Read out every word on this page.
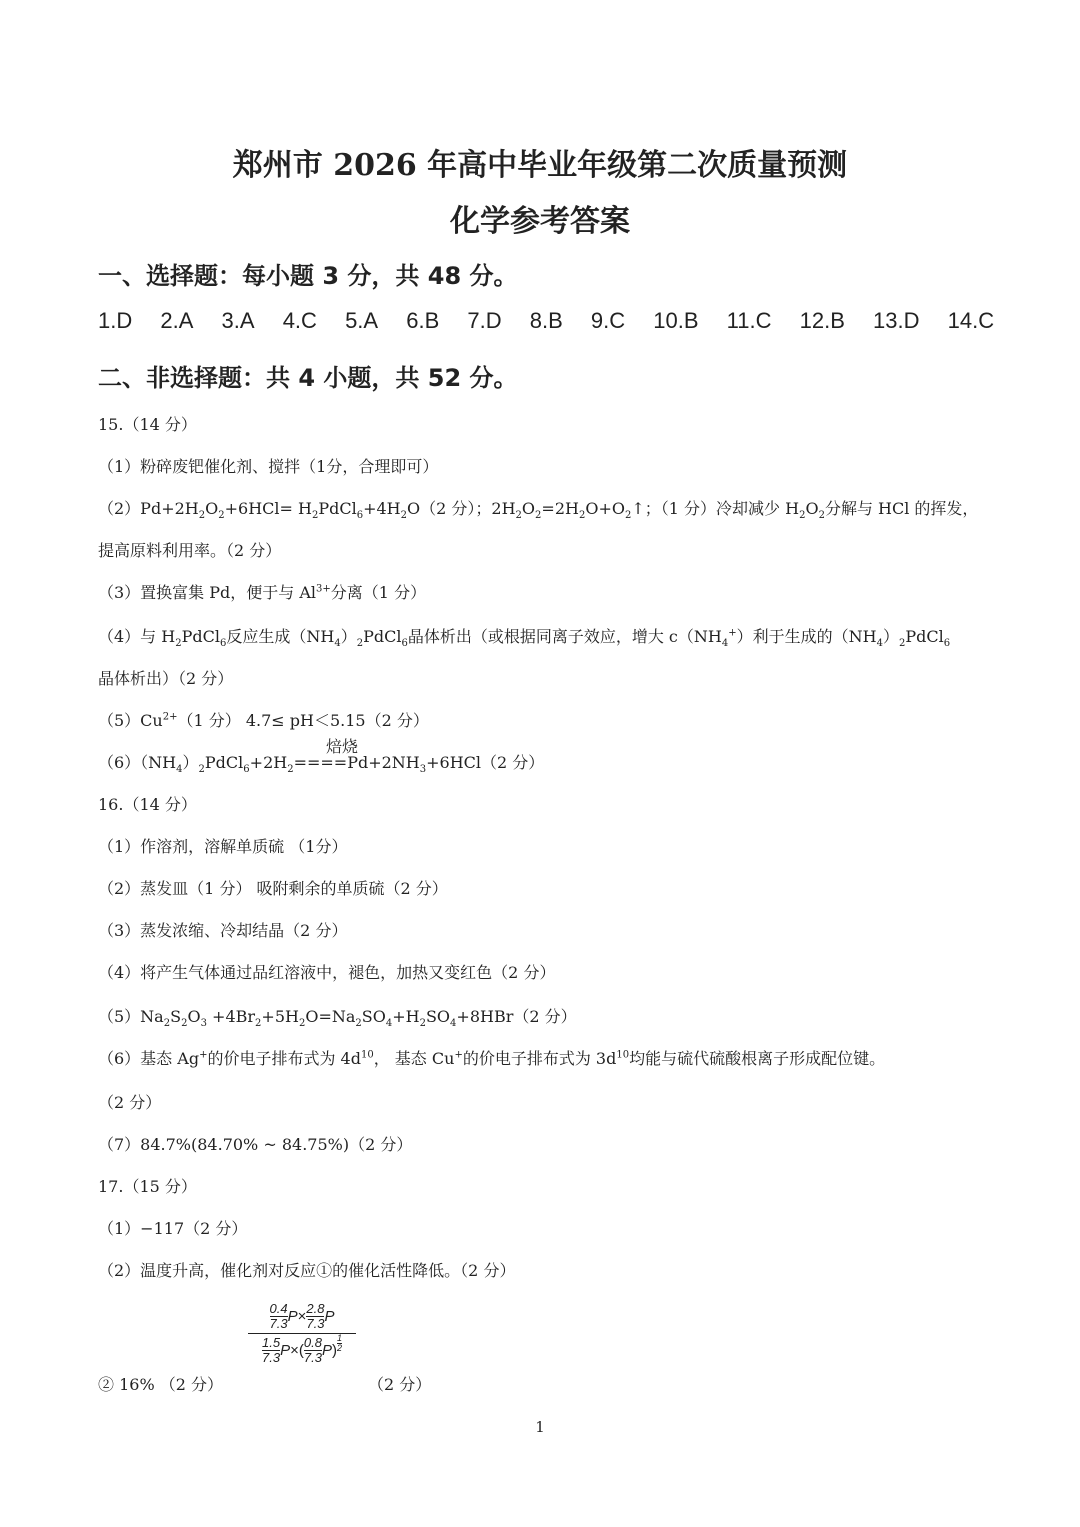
郑州市 2026 年高中毕业年级第二次质量预测
化学参考答案
一、选择题：每小题 3 分，共 48 分。
1.D 2.A 3.A 4.C 5.A 6.B 7.D 8.B 9.C 10.B 11.C 12.B 13.D 14.C
二、非选择题：共 4 小题，共 52 分。
15.（14 分）
（1）粉碎废钯催化剂、搅拌（1分，合理即可）
$(2)Pd+2H_2O_2+6HCl=$ $H_2PdCl_6+4H_2O(2$ 分）；$2H_2O_2=2H_2O+O_2↑$；（1 分）冷却减少 $H_2O_2$分解与 HCl 的挥发，
提高原料利用率。（2 分）
（3）置换富集 Pd，便于与 $Al^{3+}$分离（1 分）
（4）与 $H_2PdCl_6$反应生成$(NH_4)_2PdCl_6$晶体析出（或根据同离子效应，增大 $c(NH_4^+)$利于生成的$(NH_4)_2PdCl_6$
晶体析出）（2 分）
$(5)Cu^{2+}(1$ 分） 4.7≤ pH＜5.15（2 分）
焙烧
$(6)(NH_4)_2PdCl_6+2H_2====Pd+2NH_3+6HCl(2$ 分）
16.（14 分）
（1）作溶剂，溶解单质硫 （1分）
（2）蒸发皿（1 分） 吸附剩余的单质硫（2 分）
（3）蒸发浓缩、冷却结晶（2 分）
（4）将产生气体通过品红溶液中，褪色，加热又变红色（2 分）
$(5)Na_2S_2O_3 +4Br_2+5H_2O=Na_2SO_4+H_2SO_4+8HBr(2$ 分）
（6）基态 Ag+的价电子排布式为 $4d^{10}$， 基态 Cu+的价电子排布式为 $3d^{10}$均能与硫代硫酸根离子形成配位键。
（2 分）
（7）84.7%(84.70% ~ 84.75%)（2 分）
17.（15 分）
（1）−117（2 分）
（2）温度升高，催化剂对反应①的催化活性降低。（2 分）
$\frac{0.4}{7.3}$ $P \times \frac{2.8}{7.3}$ P
$\frac{1.5}{7.3}$ P × ( $\frac{0.8}{7.3}$ P ) $\frac{1}{2}$
② 16% （2 分）	（2 分）
1
